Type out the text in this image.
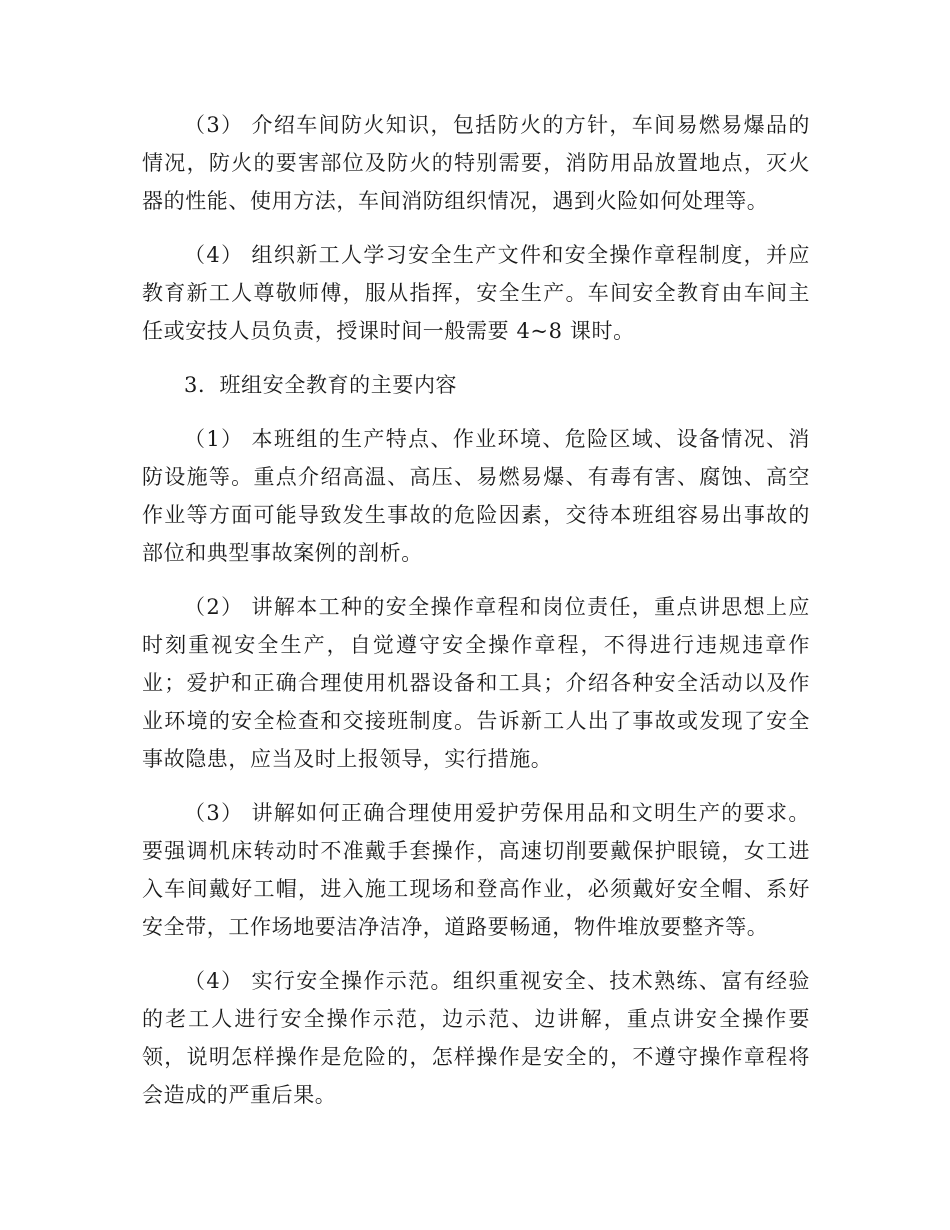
（3） 介绍车间防火知识，包括防火的方针，车间易燃易爆品的情况，防火的要害部位及防火的特别需要，消防用品放置地点，灭火器的性能、使用方法，车间消防组织情况，遇到火险如何处理等。

（4） 组织新工人学习安全生产文件和安全操作章程制度，并应教育新工人尊敬师傅，服从指挥，安全生产。车间安全教育由车间主任或安技人员负责，授课时间一般需要 4~8 课时。

3．班组安全教育的主要内容

（1） 本班组的生产特点、作业环境、危险区域、设备情况、消防设施等。重点介绍高温、高压、易燃易爆、有毒有害、腐蚀、高空作业等方面可能导致发生事故的危险因素，交待本班组容易出事故的部位和典型事故案例的剖析。

（2） 讲解本工种的安全操作章程和岗位责任，重点讲思想上应时刻重视安全生产，自觉遵守安全操作章程，不得进行违规违章作业；爱护和正确合理使用机器设备和工具；介绍各种安全活动以及作业环境的安全检查和交接班制度。告诉新工人出了事故或发现了安全事故隐患，应当及时上报领导，实行措施。

（3） 讲解如何正确合理使用爱护劳保用品和文明生产的要求。要强调机床转动时不准戴手套操作，高速切削要戴保护眼镜，女工进入车间戴好工帽，进入施工现场和登高作业，必须戴好安全帽、系好安全带，工作场地要洁净洁净，道路要畅通，物件堆放要整齐等。

（4） 实行安全操作示范。组织重视安全、技术熟练、富有经验的老工人进行安全操作示范，边示范、边讲解，重点讲安全操作要领，说明怎样操作是危险的，怎样操作是安全的，不遵守操作章程将会造成的严重后果。
